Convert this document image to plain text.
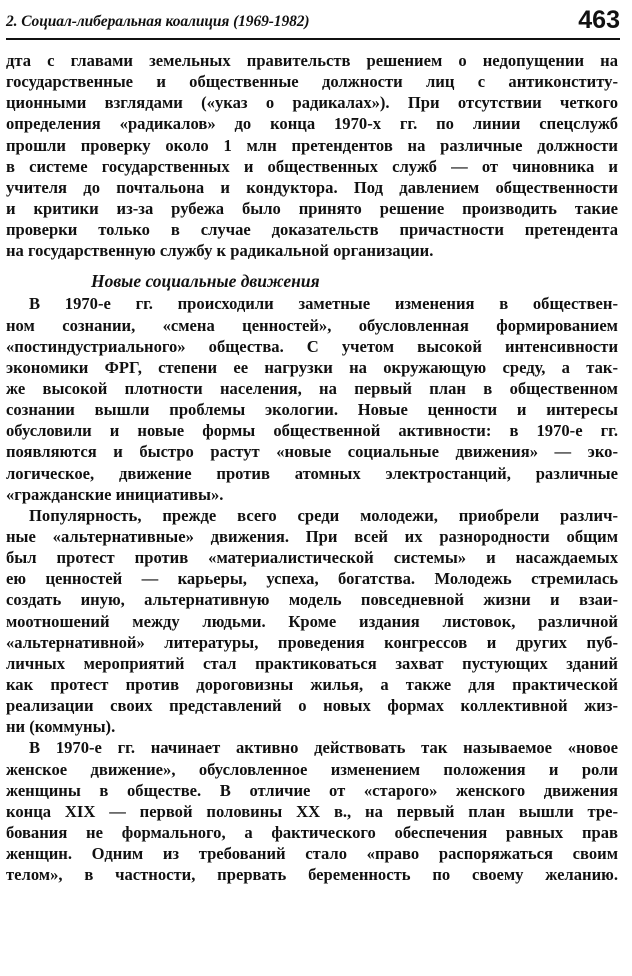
2. Социал-либеральная коалиция (1969-1982)	463
дта с главами земельных правительств решением о недопущении на
государственные и общественные должности лиц с антиконститу-
ционными взглядами («указ о радикалах»). При отсутствии четкого
определения «радикалов» до конца 1970-х гг. по линии спецслужб
прошли проверку около 1 млн претендентов на различные должности
в системе государственных и общественных служб — от чиновника и
учителя до почтальона и кондуктора. Под давлением общественности
и критики из-за рубежа было принято решение производить такие
проверки только в случае доказательств причастности претендента
на государственную службу к радикальной организации.
Новые социальные движения
В 1970-е гг. происходили заметные изменения в обществен-
ном сознании, «смена ценностей», обусловленная формированием
«постиндустриального» общества. С учетом высокой интенсивности
экономики ФРГ, степени ее нагрузки на окружающую среду, а так-
же высокой плотности населения, на первый план в общественном
сознании вышли проблемы экологии. Новые ценности и интересы
обусловили и новые формы общественной активности: в 1970-е гг.
появляются и быстро растут «новые социальные движения» — эко-
логическое, движение против атомных электростанций, различные
«гражданские инициативы».
Популярность, прежде всего среди молодежи, приобрели различ-
ные «альтернативные» движения. При всей их разнородности общим
был протест против «материалистической системы» и насаждаемых
ею ценностей — карьеры, успеха, богатства. Молодежь стремилась
создать иную, альтернативную модель повседневной жизни и взаи-
моотношений между людьми. Кроме издания листовок, различной
«альтернативной» литературы, проведения конгрессов и других пуб-
личных мероприятий стал практиковаться захват пустующих зданий
как протест против дороговизны жилья, а также для практической
реализации своих представлений о новых формах коллективной жиз-
ни (коммуны).
В 1970-е гг. начинает активно действовать так называемое «новое
женское движение», обусловленное изменением положения и роли
женщины в обществе. В отличие от «старого» женского движения
конца XIX — первой половины XX в., на первый план вышли тре-
бования не формального, а фактического обеспечения равных прав
женщин. Одним из требований стало «право распоряжаться своим
телом», в частности, прервать беременность по своему желанию.
